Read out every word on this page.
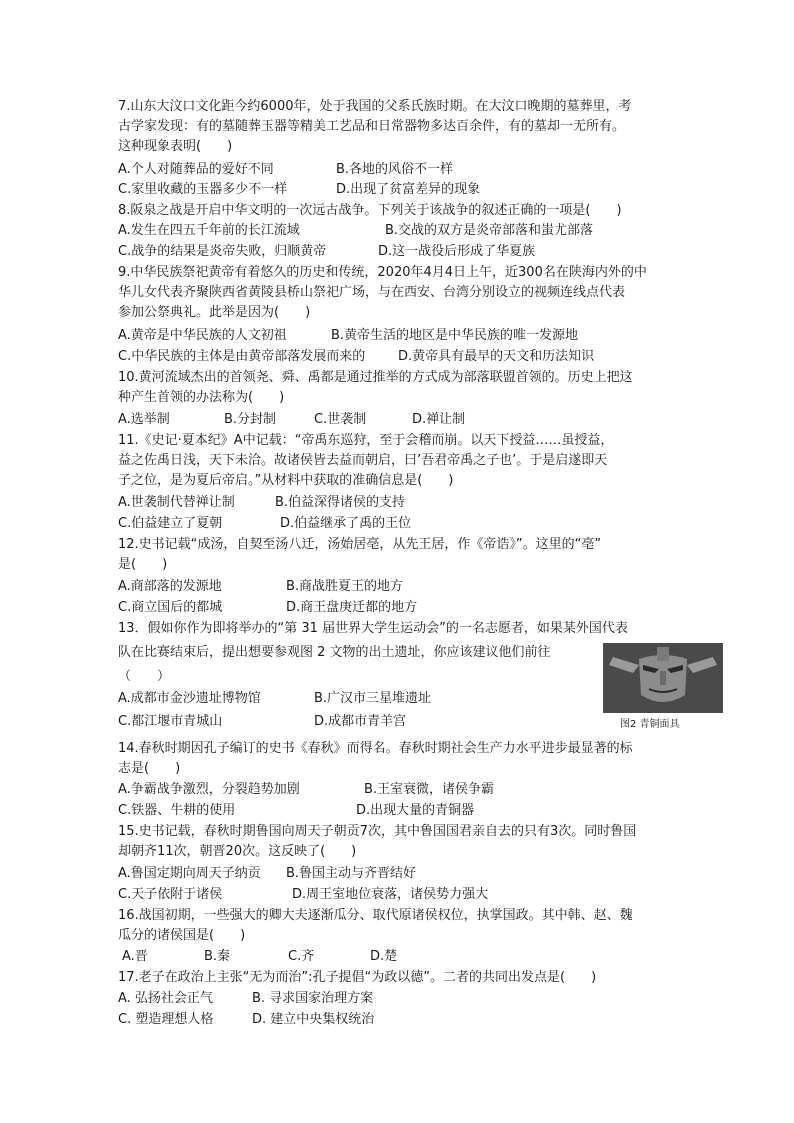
7.山东大汶口文化距今约6000年，处于我国的父系氏族时期。在大汶口晚期的墓葬里，考
古学家发现：有的墓随葬玉器等精美工艺品和日常器物多达百余件，有的墓却一无所有。
这种现象表明(　　)
A.个人对随葬品的爱好不同	B.各地的风俗不一样
C.家里收藏的玉器多少不一样	D.出现了贫富差异的现象
8.阪泉之战是开启中华文明的一次远古战争。下列关于该战争的叙述正确的一项是(　　)
A.发生在四五千年前的长江流域	B.交战的双方是炎帝部落和蚩尤部落
C.战争的结果是炎帝失败，归顺黄帝	D.这一战役后形成了华夏族
9.中华民族祭祀黄帝有着悠久的历史和传统，2020年4月4日上午，近300名在陕海内外的中
华儿女代表齐聚陕西省黄陵县桥山祭祀广场，与在西安、台湾分别设立的视频连线点代表
参加公祭典礼。此举是因为(　　)
A.黄帝是中华民族的人文初祖	B.黄帝生活的地区是中华民族的唯一发源地
C.中华民族的主体是由黄帝部落发展而来的	D.黄帝具有最早的天文和历法知识
10.黄河流域杰出的首领尧、舜、禹都是通过推举的方式成为部落联盟首领的。历史上把这
种产生首领的办法称为(　　)
A.选举制	B.分封制	C.世袭制	D.禅让制
11.《史记·夏本纪》A中记载：“帝禹东巡狩，至于会稽而崩。以天下授益……虽授益，
益之佐禹日浅，天下未洽。故诸侯皆去益而朝启，曰’吾君帝禹之子也’。于是启遂即天
子之位，是为夏后帝启。”从材料中获取的准确信息是(　　)
A.世袭制代替禅让制	B.伯益深得诸侯的支持
C.伯益建立了夏朝	D.伯益继承了禹的王位
12.史书记载“成汤，自契至汤八迁，汤始居亳，从先王居，作《帝诰》”。这里的“亳”
是(　　)
A.商部落的发源地	B.商战胜夏王的地方
C.商立国后的都城	D.商王盘庚迁都的地方
13．假如你作为即将举办的“第 31 届世界大学生运动会”的一名志愿者，如果某外国代表
队在比赛结束后，提出想要参观图 2 文物的出土遗址，你应该建议他们前往
（　　）
A.成都市金沙遗址博物馆	B.广汉市三星堆遗址
C.都江堰市青城山	D.成都市青羊宫	图2 青铜面具
14.春秋时期因孔子编订的史书《春秋》而得名。春秋时期社会生产力水平进步最显著的标
志是(　　)
A.争霸战争激烈，分裂趋势加剧	B.王室衰微，诸侯争霸
C.铁器、牛耕的使用	D.出现大量的青铜器
15.史书记载，春秋时期鲁国向周天子朝贡7次，其中鲁国国君亲自去的只有3次。同时鲁国
却朝齐11次，朝晋20次。这反映了(　　)
A.鲁国定期向周天子纳贡 B.鲁国主动与齐晋结好
C.天子依附于诸侯	D.周王室地位衰落，诸侯势力强大
16.战国初期，一些强大的卿大夫逐渐瓜分、取代原诸侯权位，执掌国政。其中韩、赵、魏
瓜分的诸侯国是(　　)
A.晋	B.秦	C.齐	D.楚
17.老子在政治上主张“无为而治”:孔子提倡“为政以德”。二者的共同出发点是(　　)
A. 弘扬社会正气	B. 寻求国家治理方案
C. 塑造理想人格	D. 建立中央集权统治
